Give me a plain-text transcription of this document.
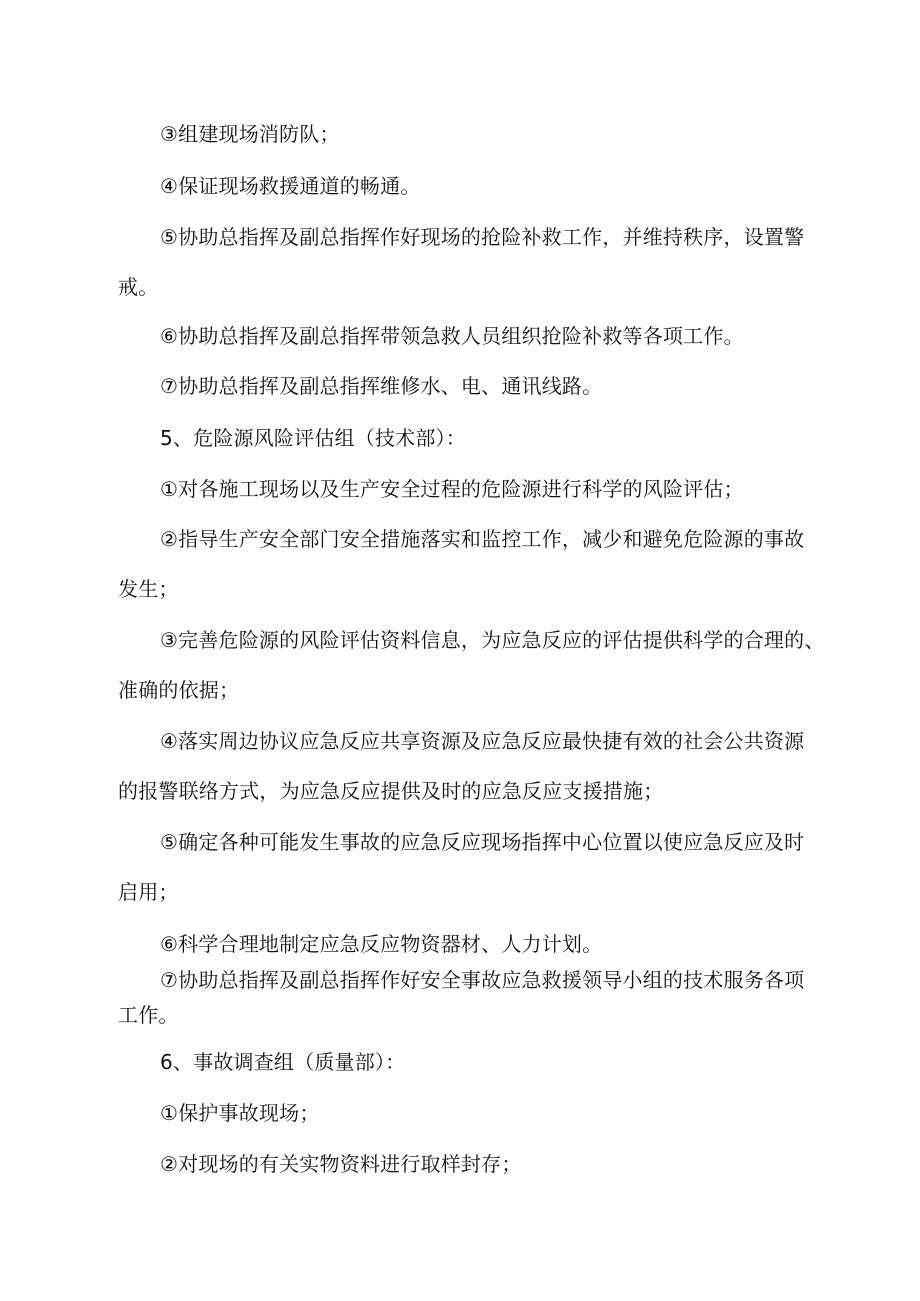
③组建现场消防队；
④保证现场救援通道的畅通。
⑤协助总指挥及副总指挥作好现场的抢险补救工作，并维持秩序，设置警
戒。
⑥协助总指挥及副总指挥带领急救人员组织抢险补救等各项工作。
⑦协助总指挥及副总指挥维修水、电、通讯线路。
5、危险源风险评估组（技术部）：
①对各施工现场以及生产安全过程的危险源进行科学的风险评估；
②指导生产安全部门安全措施落实和监控工作，减少和避免危险源的事故
发生；
③完善危险源的风险评估资料信息，为应急反应的评估提供科学的合理的、
准确的依据；
④落实周边协议应急反应共享资源及应急反应最快捷有效的社会公共资源
的报警联络方式，为应急反应提供及时的应急反应支援措施；
⑤确定各种可能发生事故的应急反应现场指挥中心位置以使应急反应及时
启用；
⑥科学合理地制定应急反应物资器材、人力计划。
⑦协助总指挥及副总指挥作好安全事故应急救援领导小组的技术服务各项
工作。
6、事故调查组（质量部）：
①保护事故现场；
②对现场的有关实物资料进行取样封存；
